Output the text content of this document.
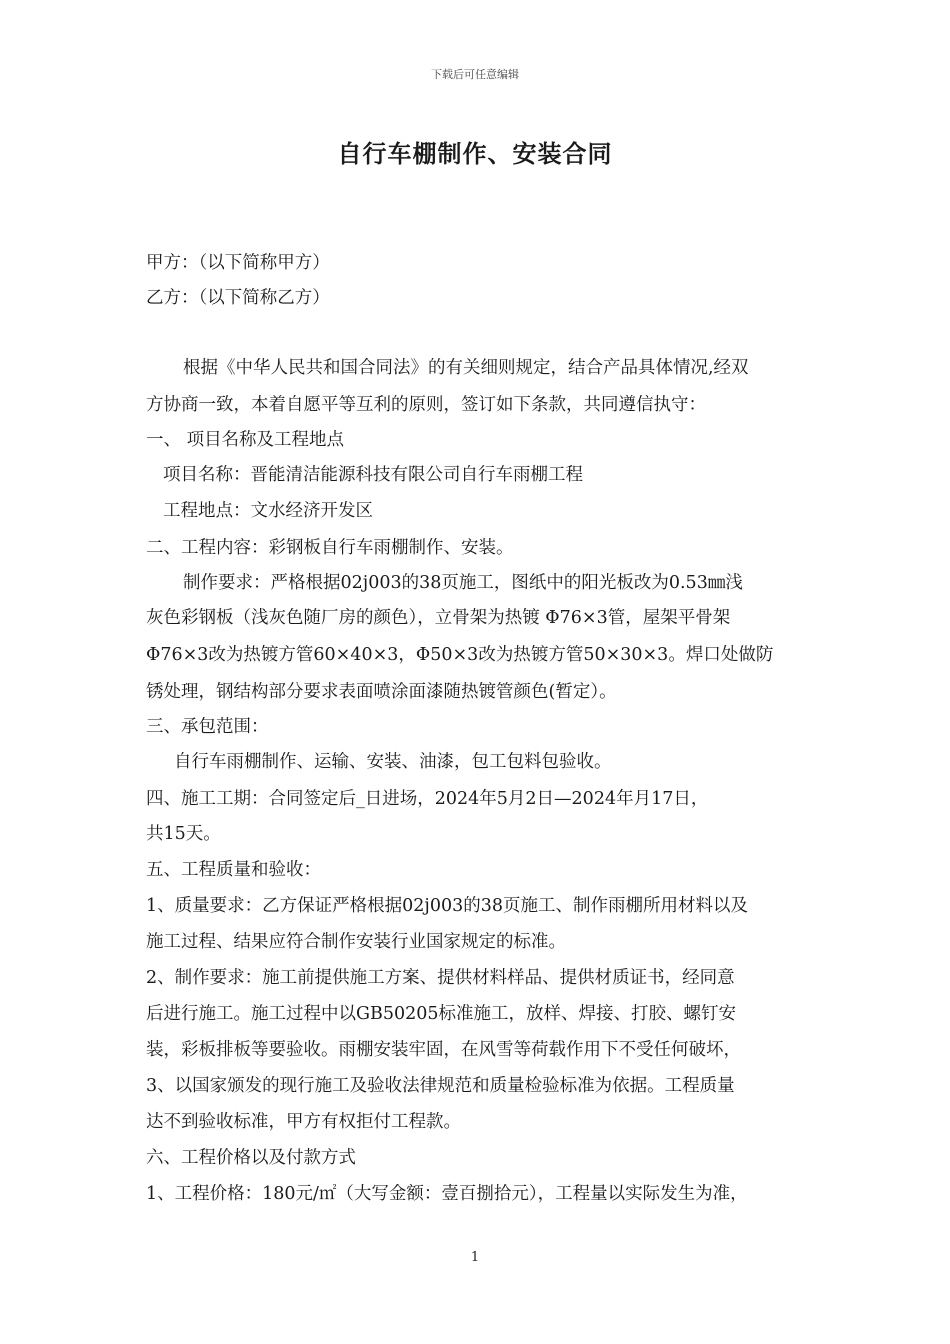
下载后可任意编辑
自行车棚制作、安装合同
甲方：（以下简称甲方）
乙方：（以下简称乙方）
根据《中华人民共和国合同法》的有关细则规定，结合产品具体情况,经双
方协商一致，本着自愿平等互利的原则，签订如下条款，共同遵信执守：
一、 项目名称及工程地点
项目名称：晋能清洁能源科技有限公司自行车雨棚工程
工程地点：文水经济开发区
二、工程内容：彩钢板自行车雨棚制作、安装。
制作要求：严格根据02j003的38页施工，图纸中的阳光板改为0.53㎜浅
灰色彩钢板（浅灰色随厂房的颜色），立骨架为热镀 Φ76×3管，屋架平骨架
Φ76×3改为热镀方管60×40×3，Φ50×3改为热镀方管50×30×3。焊口处做防
锈处理，钢结构部分要求表面喷涂面漆随热镀管颜色(暂定）。
三、承包范围：
自行车雨棚制作、运输、安装、油漆，包工包料包验收。
四、施工工期：合同签定后_日进场，2024年5月2日—2024年月17日，
共15天。
五、工程质量和验收：
1、质量要求：乙方保证严格根据02j003的38页施工、制作雨棚所用材料以及
施工过程、结果应符合制作安装行业国家规定的标准。
2、制作要求：施工前提供施工方案、提供材料样品、提供材质证书，经同意
后进行施工。施工过程中以GB50205标准施工，放样、焊接、打胶、螺钉安
装，彩板排板等要验收。雨棚安装牢固，在风雪等荷载作用下不受任何破坏，
3、以国家颁发的现行施工及验收法律规范和质量检验标准为依据。工程质量
达不到验收标准，甲方有权拒付工程款。
六、工程价格以及付款方式
1、工程价格：180元/㎡（大写金额：壹百捌拾元），工程量以实际发生为准，
1
